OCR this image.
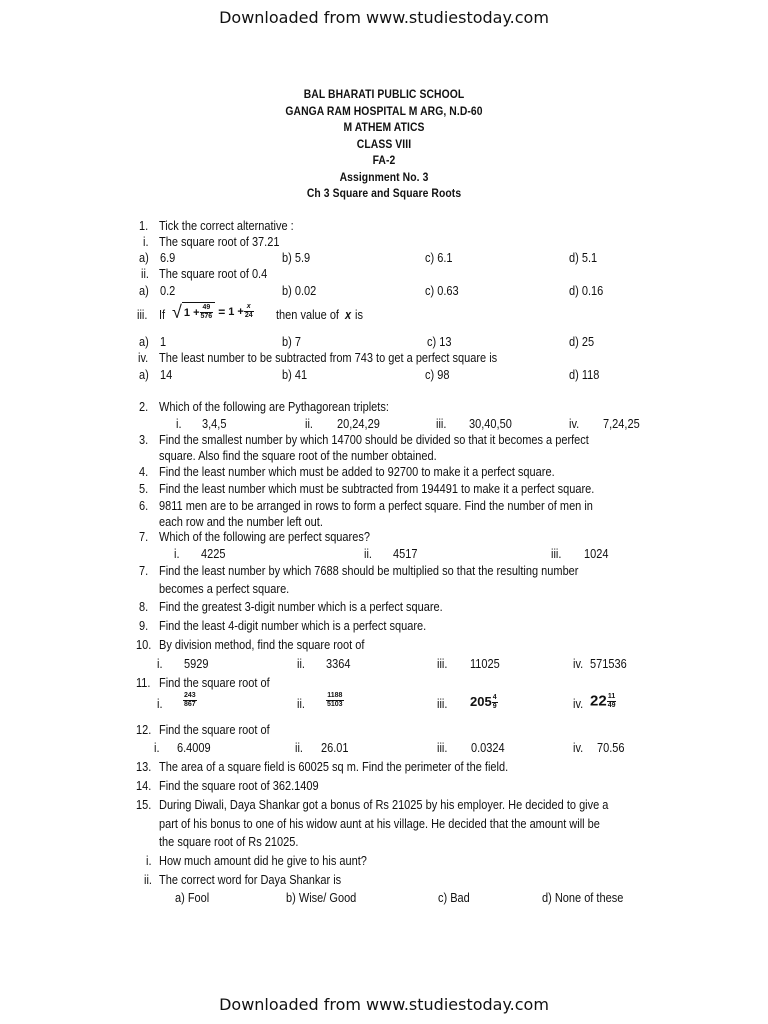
Downloaded from www.studiestoday.com
BAL BHARATI PUBLIC SCHOOL
GANGA RAM HOSPITAL M ARG, N.D-60
M ATHEM ATICS
CLASS VIII
FA-2
Assignment No. 3
Ch 3 Square and Square Roots
1. Tick the correct alternative :
i. The square root of 37.21
a) 6.9	b) 5.9	c) 6.1	d) 5.1
ii. The square root of 0.4
a) 0.2	b) 0.02	c) 0.63	d) 0.16
iii. If √ $1 + \frac{49}{576} = 1 + \frac{x}{24}$ then value of x is
a) 1	b) 7	c) 13	d) 25
iv. The least number to be subtracted from 743 to get a perfect square is
a) 14	b) 41	c) 98	d) 118
2. Which of the following are Pythagorean triplets:
i. 3,4,5	ii. 20,24,29	iii. 30,40,50	iv. 7,24,25
3. Find the smallest number by which 14700 should be divided so that it becomes a perfect
square. Also find the square root of the number obtained.
4. Find the least number which must be added to 92700 to make it a perfect square.
5. Find the least number which must be subtracted from 194491 to make it a perfect square.
6. 9811 men are to be arranged in rows to form a perfect square. Find the number of men in
each row and the number left out.
7. Which of the following are perfect squares?
i. 4225	ii. 4517	iii. 1024
7. Find the least number by which 7688 should be multiplied so that the resulting number
becomes a perfect square.
8. Find the greatest 3-digit number which is a perfect square.
9. Find the least 4-digit number which is a perfect square.
10. By division method, find the square root of
i. 5929	ii. 3364	iii. 11025	iv. 571536
11. Find the square root of
i.	$\frac{243}{867}$	ii.	$\frac{1188}{5103}$	iii. $205 \frac{4}{9}$	iv. $22 \frac{11}{49}$
12. Find the square root of
i. 6.4009	ii. 26.01	iii. 0.0324	iv. 70.56
13. The area of a square field is 60025 sq m. Find the perimeter of the field.
14. Find the square root of 362.1409
15. During Diwali, Daya Shankar got a bonus of Rs 21025 by his employer. He decided to give a
part of his bonus to one of his widow aunt at his village. He decided that the amount will be
the square root of Rs 21025.
i. How much amount did he give to his aunt?
ii. The correct word for Daya Shankar is
a) Fool	b) Wise/ Good	c) Bad	d) None of these
Downloaded from www.studiestoday.com
